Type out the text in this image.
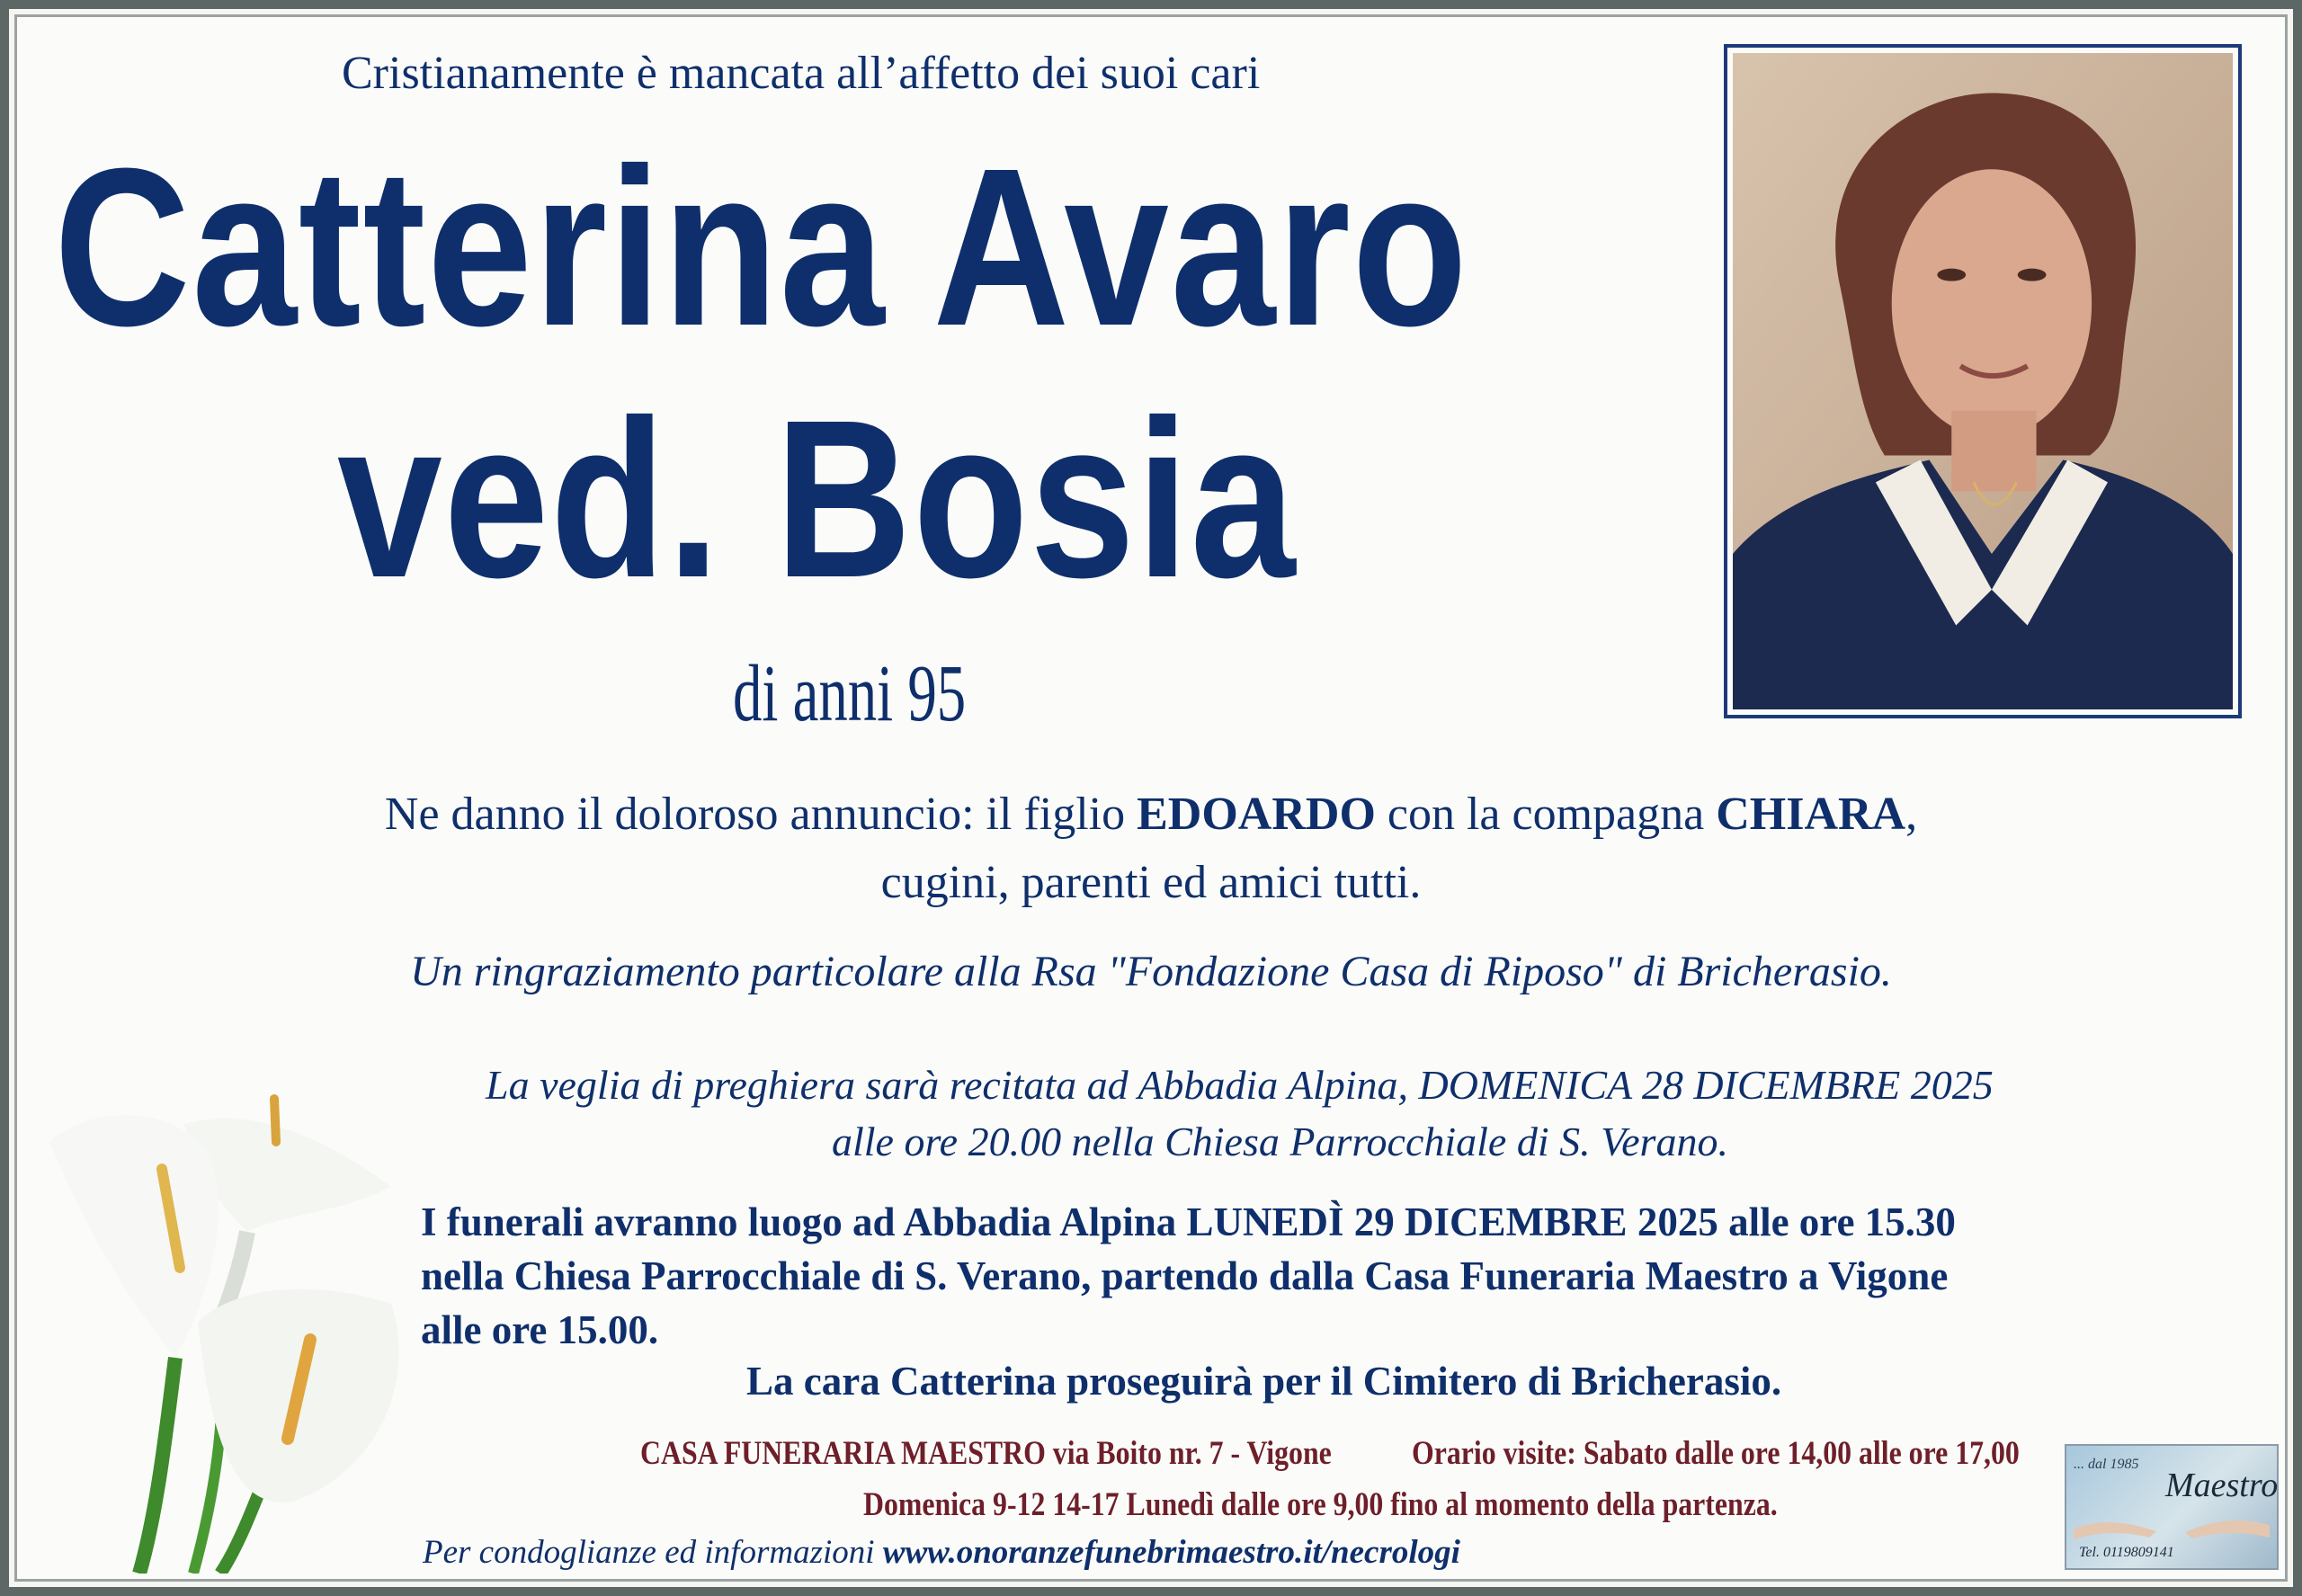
Cristianamente è mancata all’affetto dei suoi cari
Catterina Avaro
ved. Bosia
di anni 95
Ne danno il doloroso annuncio: il figlio EDOARDO con la compagna CHIARA,
cugini, parenti ed amici tutti.
Un ringraziamento particolare alla Rsa "Fondazione Casa di Riposo" di Bricherasio.
La veglia di preghiera sarà recitata ad Abbadia Alpina, DOMENICA 28 DICEMBRE 2025
alle ore 20.00 nella Chiesa Parrocchiale di S. Verano.
I funerali avranno luogo ad Abbadia Alpina LUNEDÌ 29 DICEMBRE 2025 alle ore 15.30
nella Chiesa Parrocchiale di S. Verano, partendo dalla Casa Funeraria Maestro a Vigone
alle ore 15.00.
La cara Catterina proseguirà per il Cimitero di Bricherasio.
CASA FUNERARIA MAESTRO via Boito nr. 7 - Vigone Orario visite: Sabato dalle ore 14,00 alle ore 17,00
Domenica 9-12 14-17 Lunedì dalle ore 9,00 fino al momento della partenza.
Per condoglianze ed informazioni www.onoranzefunebrimaestro.it/necrologi
... dal 1985
Maestro
Tel. 0119809141
